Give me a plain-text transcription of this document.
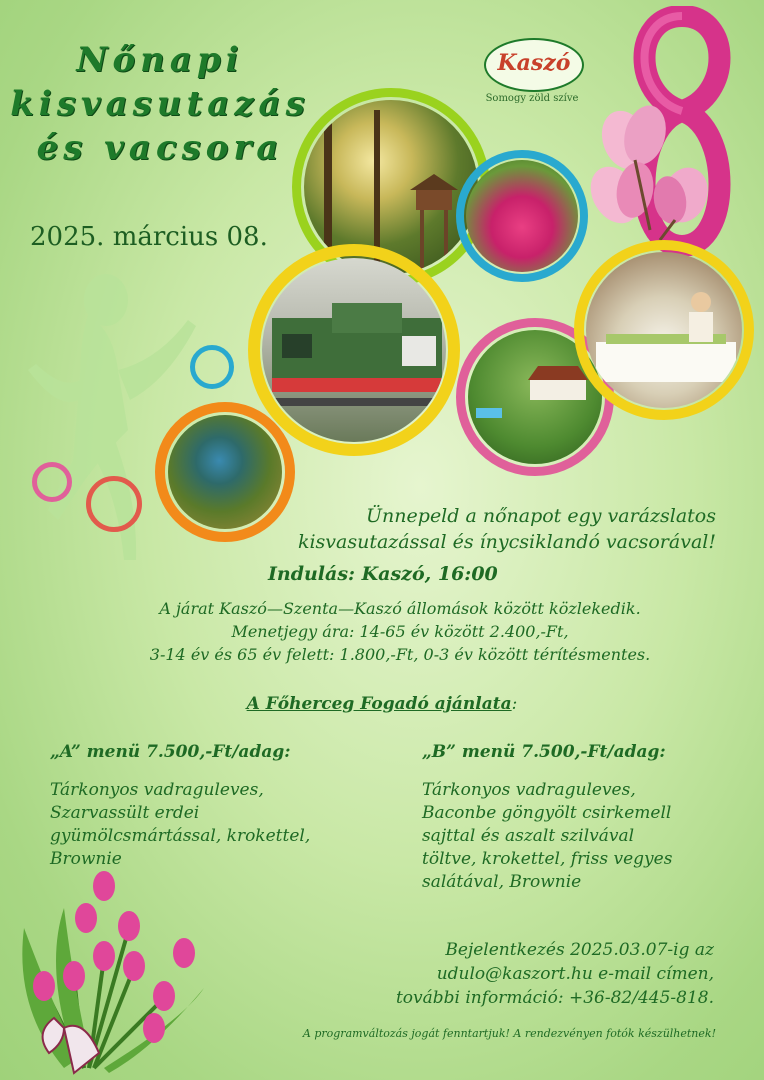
Nőnapi
kisvasutazás
és vacsora
2025. március 08.
Kaszó
Somogy zöld szíve
Ünnepeld a nőnapot egy varázslatos
kisvasutazással és ínycsiklandó vacsorával!
Indulás: Kaszó, 16:00
A járat Kaszó—Szenta—Kaszó állomások között közlekedik.
Menetjegy ára: 14-65 év között 2.400,-Ft,
3-14 év és 65 év felett: 1.800,-Ft, 0-3 év között térítésmentes.
A Főherceg Fogadó ajánlata:
„A” menü 7.500,-Ft/adag:
Tárkonyos vadraguleves,
Szarvassült erdei
gyümölcsmártással, krokettel,
Brownie
„B” menü 7.500,-Ft/adag:
Tárkonyos vadraguleves,
Baconbe göngyölt csirkemell
sajttal és aszalt szilvával
töltve, krokettel, friss vegyes
salátával, Brownie
Bejelentkezés 2025.03.07-ig az
udulo@kaszort.hu e-mail címen,
további információ: +36-82/445-818.
A programváltozás jogát fenntartjuk! A rendezvényen fotók készülhetnek!
